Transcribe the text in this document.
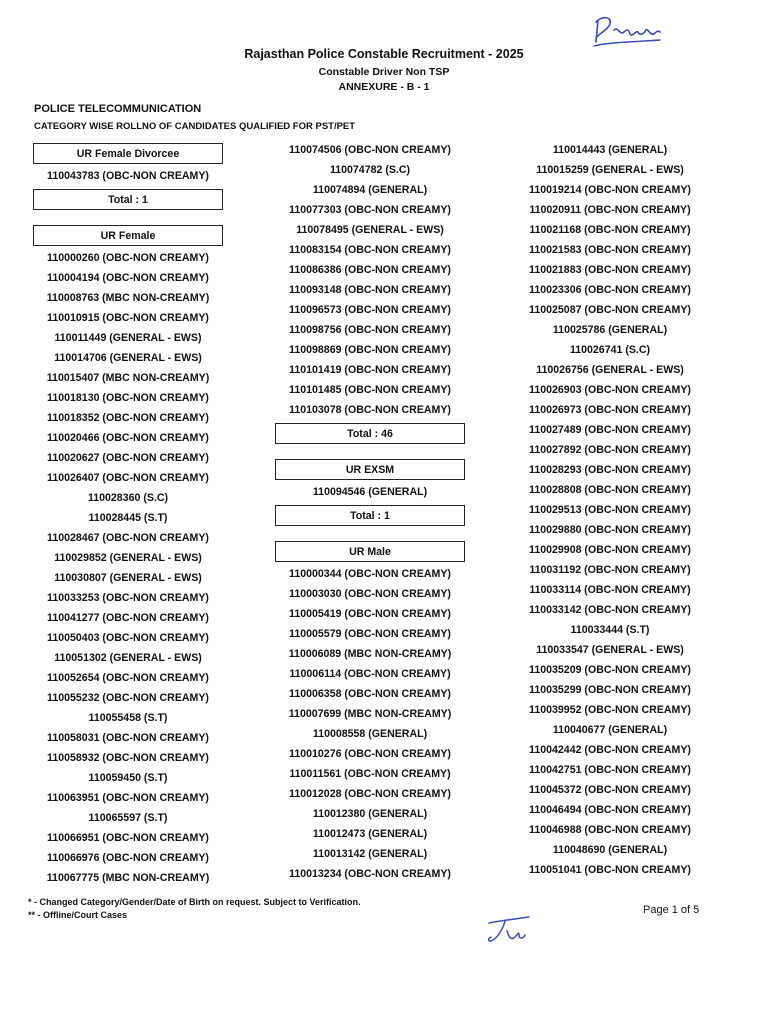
Rajasthan Police Constable Recruitment - 2025
Constable Driver Non TSP
ANNEXURE - B - 1
POLICE TELECOMMUNICATION
CATEGORY WISE ROLLNO OF CANDIDATES QUALIFIED FOR PST/PET
UR Female Divorcee
110043783 (OBC-NON CREAMY)
Total : 1
UR Female
110000260 (OBC-NON CREAMY)
110004194 (OBC-NON CREAMY)
110008763 (MBC NON-CREAMY)
110010915 (OBC-NON CREAMY)
110011449 (GENERAL - EWS)
110014706 (GENERAL - EWS)
110015407 (MBC NON-CREAMY)
110018130 (OBC-NON CREAMY)
110018352 (OBC-NON CREAMY)
110020466 (OBC-NON CREAMY)
110020627 (OBC-NON CREAMY)
110026407 (OBC-NON CREAMY)
110028360 (S.C)
110028445 (S.T)
110028467 (OBC-NON CREAMY)
110029852 (GENERAL - EWS)
110030807 (GENERAL - EWS)
110033253 (OBC-NON CREAMY)
110041277 (OBC-NON CREAMY)
110050403 (OBC-NON CREAMY)
110051302 (GENERAL - EWS)
110052654 (OBC-NON CREAMY)
110055232 (OBC-NON CREAMY)
110055458 (S.T)
110058031 (OBC-NON CREAMY)
110058932 (OBC-NON CREAMY)
110059450 (S.T)
110063951 (OBC-NON CREAMY)
110065597 (S.T)
110066951 (OBC-NON CREAMY)
110066976 (OBC-NON CREAMY)
110067775 (MBC NON-CREAMY)
110074506 (OBC-NON CREAMY)
110074782 (S.C)
110074894 (GENERAL)
110077303 (OBC-NON CREAMY)
110078495 (GENERAL - EWS)
110083154 (OBC-NON CREAMY)
110086386 (OBC-NON CREAMY)
110093148 (OBC-NON CREAMY)
110096573 (OBC-NON CREAMY)
110098756 (OBC-NON CREAMY)
110098869 (OBC-NON CREAMY)
110101419 (OBC-NON CREAMY)
110101485 (OBC-NON CREAMY)
110103078 (OBC-NON CREAMY)
Total : 46
UR EXSM
110094546 (GENERAL)
Total : 1
UR Male
110000344 (OBC-NON CREAMY)
110003030 (OBC-NON CREAMY)
110005419 (OBC-NON CREAMY)
110005579 (OBC-NON CREAMY)
110006089 (MBC NON-CREAMY)
110006114 (OBC-NON CREAMY)
110006358 (OBC-NON CREAMY)
110007699 (MBC NON-CREAMY)
110008558 (GENERAL)
110010276 (OBC-NON CREAMY)
110011561 (OBC-NON CREAMY)
110012028 (OBC-NON CREAMY)
110012380 (GENERAL)
110012473 (GENERAL)
110013142 (GENERAL)
110013234 (OBC-NON CREAMY)
110014443 (GENERAL)
110015259 (GENERAL - EWS)
110019214 (OBC-NON CREAMY)
110020911 (OBC-NON CREAMY)
110021168 (OBC-NON CREAMY)
110021583 (OBC-NON CREAMY)
110021883 (OBC-NON CREAMY)
110023306 (OBC-NON CREAMY)
110025087 (OBC-NON CREAMY)
110025786 (GENERAL)
110026741 (S.C)
110026756 (GENERAL - EWS)
110026903 (OBC-NON CREAMY)
110026973 (OBC-NON CREAMY)
110027489 (OBC-NON CREAMY)
110027892 (OBC-NON CREAMY)
110028293 (OBC-NON CREAMY)
110028808 (OBC-NON CREAMY)
110029513 (OBC-NON CREAMY)
110029880 (OBC-NON CREAMY)
110029908 (OBC-NON CREAMY)
110031192 (OBC-NON CREAMY)
110033114 (OBC-NON CREAMY)
110033142 (OBC-NON CREAMY)
110033444 (S.T)
110033547 (GENERAL - EWS)
110035209 (OBC-NON CREAMY)
110035299 (OBC-NON CREAMY)
110039952 (OBC-NON CREAMY)
110040677 (GENERAL)
110042442 (OBC-NON CREAMY)
110042751 (OBC-NON CREAMY)
110045372 (OBC-NON CREAMY)
110046494 (OBC-NON CREAMY)
110046988 (OBC-NON CREAMY)
110048690 (GENERAL)
110051041 (OBC-NON CREAMY)
* - Changed Category/Gender/Date of Birth on request. Subject to Verification.
** - Offline/Court Cases	Page 1 of 5
